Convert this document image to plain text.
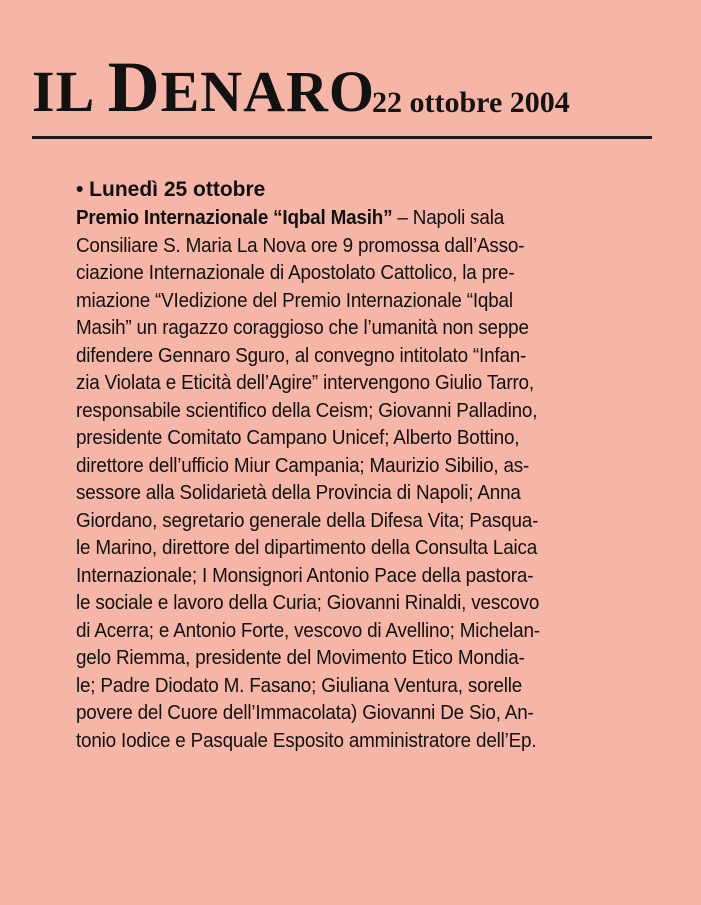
IL DENARO
22 ottobre 2004
• Lunedì 25 ottobre
Premio Internazionale “Iqbal Masih” – Napoli sala
Consiliare S. Maria La Nova ore 9 promossa dall’Asso-
ciazione Internazionale di Apostolato Cattolico, la pre-
miazione “VIedizione del Premio Internazionale “Iqbal
Masih” un ragazzo coraggioso che l’umanità non seppe
difendere Gennaro Sguro, al convegno intitolato “Infan-
zia Violata e Eticità dell’Agire” intervengono Giulio Tarro,
responsabile scientifico della Ceism; Giovanni Palladino,
presidente Comitato Campano Unicef; Alberto Bottino,
direttore dell’ufficio Miur Campania; Maurizio Sibilio, as-
sessore alla Solidarietà della Provincia di Napoli; Anna
Giordano, segretario generale della Difesa Vita; Pasqua-
le Marino, direttore del dipartimento della Consulta Laica
Internazionale; I Monsignori Antonio Pace della pastora-
le sociale e lavoro della Curia; Giovanni Rinaldi, vescovo
di Acerra; e Antonio Forte, vescovo di Avellino; Michelan-
gelo Riemma, presidente del Movimento Etico Mondia-
le; Padre Diodato M. Fasano; Giuliana Ventura, sorelle
povere del Cuore dell’Immacolata) Giovanni De Sio, An-
tonio Iodice e Pasquale Esposito amministratore dell’Ep.
